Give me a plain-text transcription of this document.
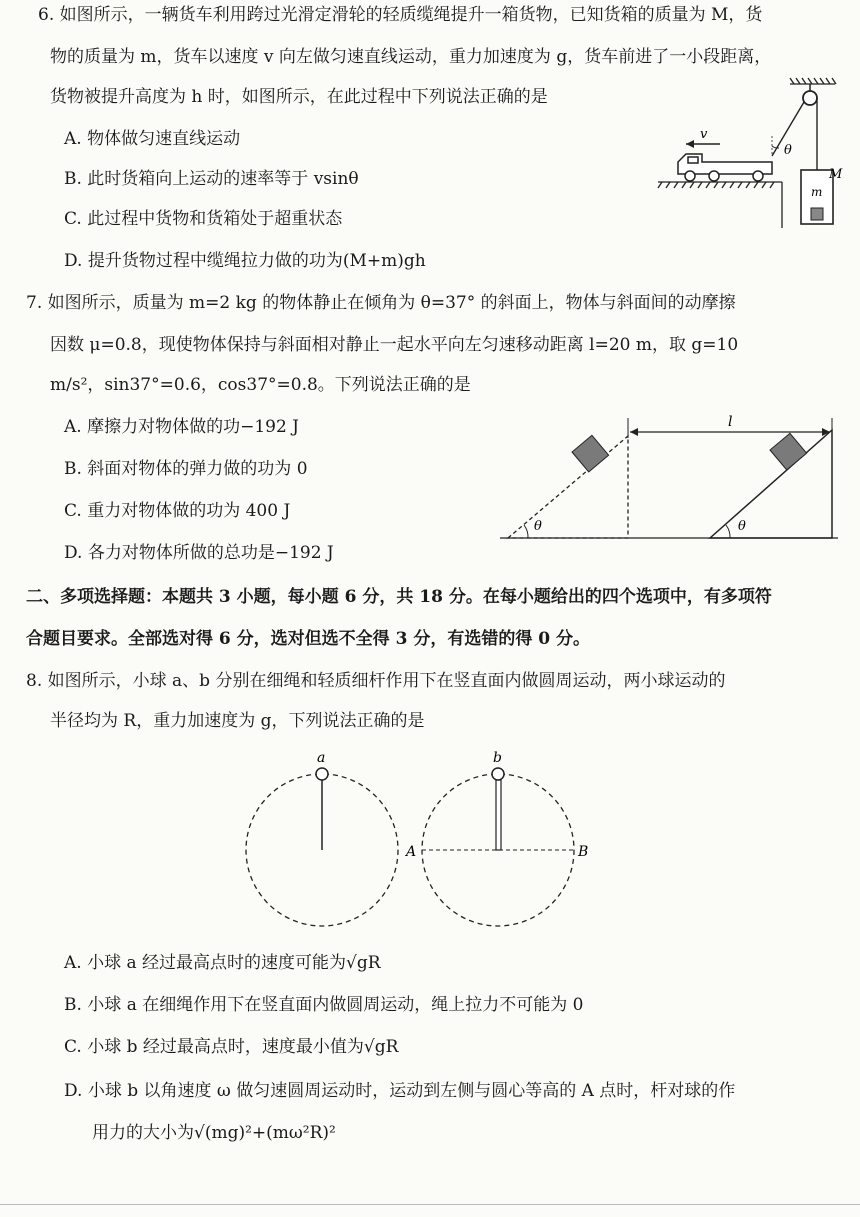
6. 如图所示，一辆货车利用跨过光滑定滑轮的轻质缆绳提升一箱货物，已知货箱的质量为 M，货
物的质量为 m，货车以速度 v 向左做匀速直线运动，重力加速度为 g，货车前进了一小段距离，
货物被提升高度为 h 时，如图所示，在此过程中下列说法正确的是
A. 物体做匀速直线运动
B. 此时货箱向上运动的速率等于 vsinθ
C. 此过程中货物和货箱处于超重状态
D. 提升货物过程中缆绳拉力做的功为(M+m)gh
θ
v
M
m
7. 如图所示，质量为 m=2 kg 的物体静止在倾角为 θ=37° 的斜面上，物体与斜面间的动摩擦
因数 μ=0.8，现使物体保持与斜面相对静止一起水平向左匀速移动距离 l=20 m，取 g=10
m/s²，sin37°=0.6，cos37°=0.8。下列说法正确的是
A. 摩擦力对物体做的功−192 J
B. 斜面对物体的弹力做的功为 0
C. 重力对物体做的功为 400 J
D. 各力对物体所做的总功是−192 J
θ	θ
l
二、多项选择题：本题共 3 小题，每小题 6 分，共 18 分。在每小题给出的四个选项中，有多项符
合题目要求。全部选对得 6 分，选对但选不全得 3 分，有选错的得 0 分。
8. 如图所示，小球 a、b 分别在细绳和轻质细杆作用下在竖直面内做圆周运动，两小球运动的
半径均为 R，重力加速度为 g，下列说法正确的是
a	b
A	B
A. 小球 a 经过最高点时的速度可能为√gR
B. 小球 a 在细绳作用下在竖直面内做圆周运动，绳上拉力不可能为 0
C. 小球 b 经过最高点时，速度最小值为√gR
D. 小球 b 以角速度 ω 做匀速圆周运动时，运动到左侧与圆心等高的 A 点时，杆对球的作
用力的大小为√(mg)²+(mω²R)²
